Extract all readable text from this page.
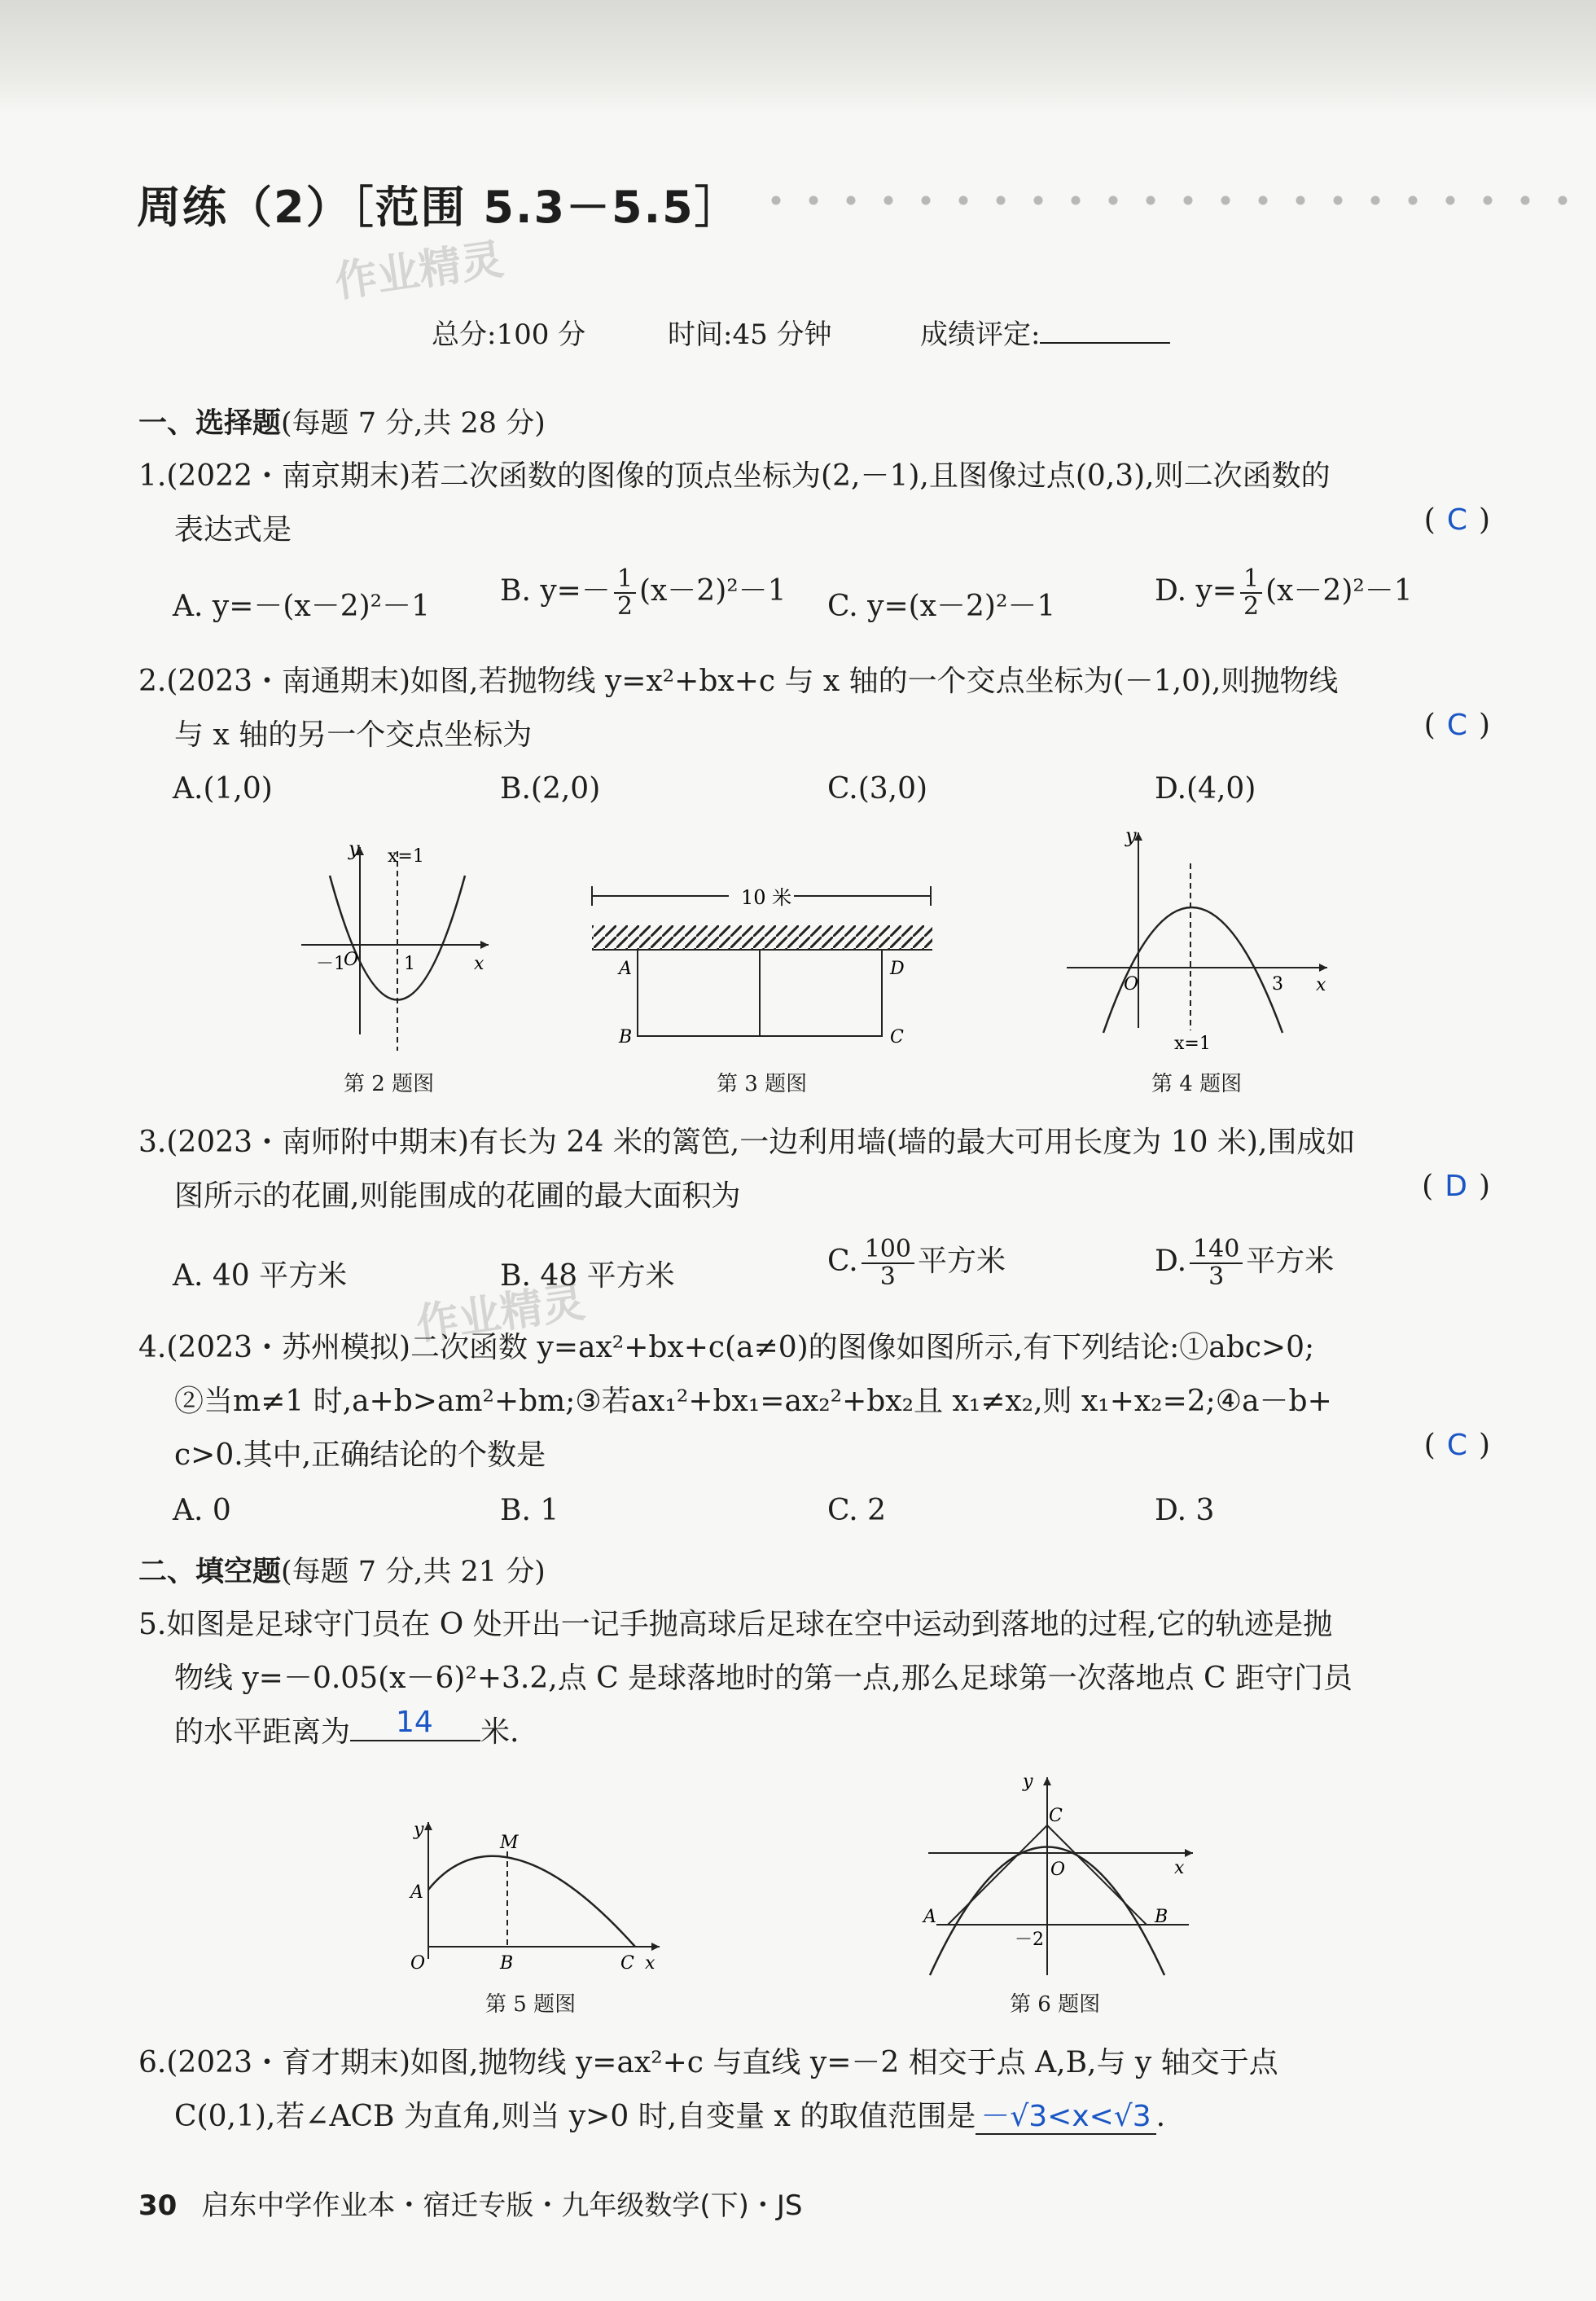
周练（2）［范围 5.3－5.5］
作业精灵
作业精灵
总分:100 分	时间:45 分钟	成绩评定:
一、选择题(每题 7 分,共 28 分)
1.(2022・南京期末)若二次函数的图像的顶点坐标为(2,－1),且图像过点(0,3),则二次函数的
表达式是	( C )
A. y=－(x－2)²－1 B. $y=- \frac{1}{2} (x-2)^2-1$ C. y=(x－2)²－1	D. $y= \frac{1}{2} (x-2)^2-1$
2.(2023・南通期末)如图,若抛物线 y=x²+bx+c 与 x 轴的一个交点坐标为(－1,0),则抛物线
与 x 轴的另一个交点坐标为	( C )
A.(1,0)	B.(2,0)	C.(3,0)	D.(4,0)
y x=1
x
－1
O	1
第 2 题图
10 米
A
B
D
C
第 3 题图
y
x
O	3
x=1
第 4 题图
3.(2023・南师附中期末)有长为 24 米的篱笆,一边利用墙(墙的最大可用长度为 10 米),围成如
图所示的花圃,则能围成的花圃的最大面积为	( D )
A. 40 平方米	B. 48 平方米	C. $\frac{100}{3}$ 平方米	D. $\frac{140}{3}$ 平方米
4.(2023・苏州模拟)二次函数 y=ax²+bx+c(a≠0)的图像如图所示,有下列结论:①abc>0;
②当m≠1 时,a+b>am²+bm;③若ax₁²+bx₁=ax₂²+bx₂且 x₁≠x₂,则 x₁+x₂=2;④a－b+
c>0.其中,正确结论的个数是	( C )
A. 0	B. 1	C. 2	D. 3
二、填空题(每题 7 分,共 21 分)
5.如图是足球守门员在 O 处开出一记手抛高球后足球在空中运动到落地的过程,它的轨迹是抛
物线 y=－0.05(x－6)²+3.2,点 C 是球落地时的第一点,那么足球第一次落地点 C 距守门员
的水平距离为 14 米.
y
x
A
M
O	B	C
第 5 题图
y
x
C
O
A	B
－2
第 6 题图
6.(2023・育才期末)如图,抛物线 y=ax²+c 与直线 y=－2 相交于点 A,B,与 y 轴交于点
C(0,1),若∠ACB 为直角,则当 y>0 时,自变量 x 的取值范围是 －√3<x<√3 .
30 启东中学作业本・宿迁专版・九年级数学(下)・JS
